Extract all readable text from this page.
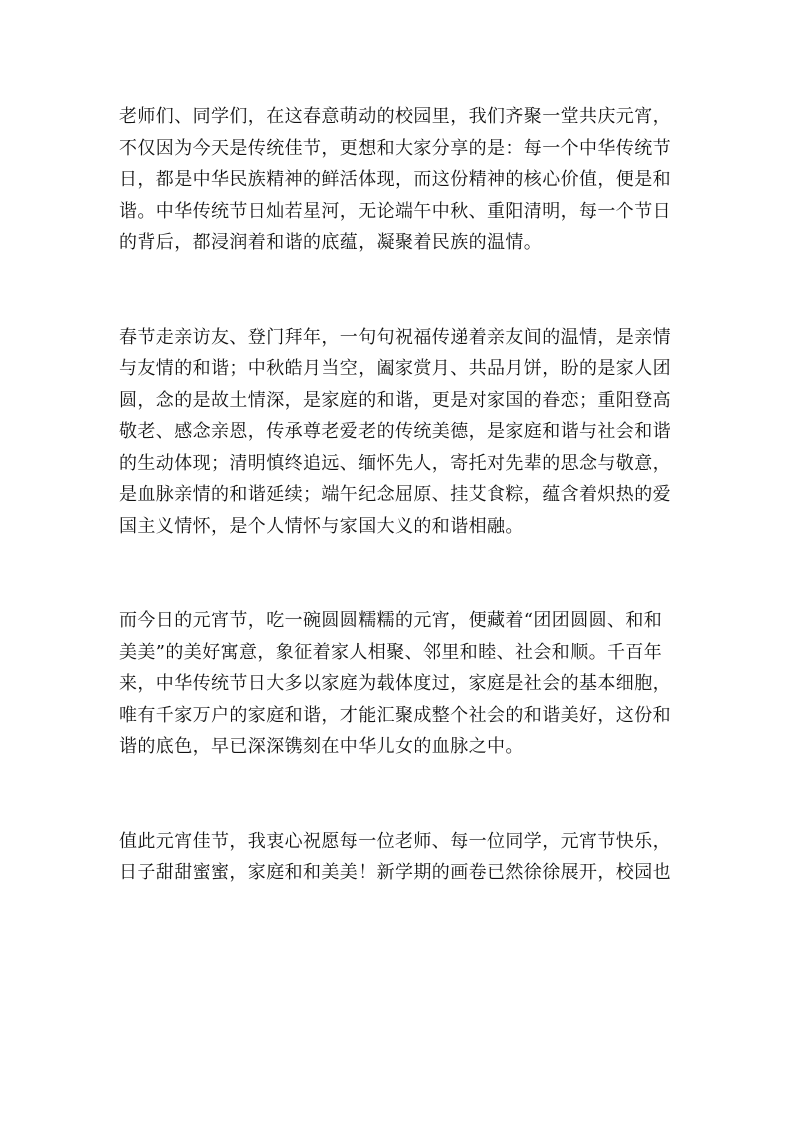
老师们、同学们，在这春意萌动的校园里，我们齐聚一堂共庆元宵，
不仅因为今天是传统佳节，更想和大家分享的是：每一个中华传统节
日，都是中华民族精神的鲜活体现，而这份精神的核心价值，便是和
谐。中华传统节日灿若星河，无论端午中秋、重阳清明，每一个节日
的背后，都浸润着和谐的底蕴，凝聚着民族的温情。
春节走亲访友、登门拜年，一句句祝福传递着亲友间的温情，是亲情
与友情的和谐；中秋皓月当空，阖家赏月、共品月饼，盼的是家人团
圆，念的是故土情深，是家庭的和谐，更是对家国的眷恋；重阳登高
敬老、感念亲恩，传承尊老爱老的传统美德，是家庭和谐与社会和谐
的生动体现；清明慎终追远、缅怀先人，寄托对先辈的思念与敬意，
是血脉亲情的和谐延续；端午纪念屈原、挂艾食粽，蕴含着炽热的爱
国主义情怀，是个人情怀与家国大义的和谐相融。
而今日的元宵节，吃一碗圆圆糯糯的元宵，便藏着“团团圆圆、和和
美美”的美好寓意，象征着家人相聚、邻里和睦、社会和顺。千百年
来，中华传统节日大多以家庭为载体度过，家庭是社会的基本细胞，
唯有千家万户的家庭和谐，才能汇聚成整个社会的和谐美好，这份和
谐的底色，早已深深镌刻在中华儿女的血脉之中。
值此元宵佳节，我衷心祝愿每一位老师、每一位同学，元宵节快乐，
日子甜甜蜜蜜，家庭和和美美！新学期的画卷已然徐徐展开，校园也
